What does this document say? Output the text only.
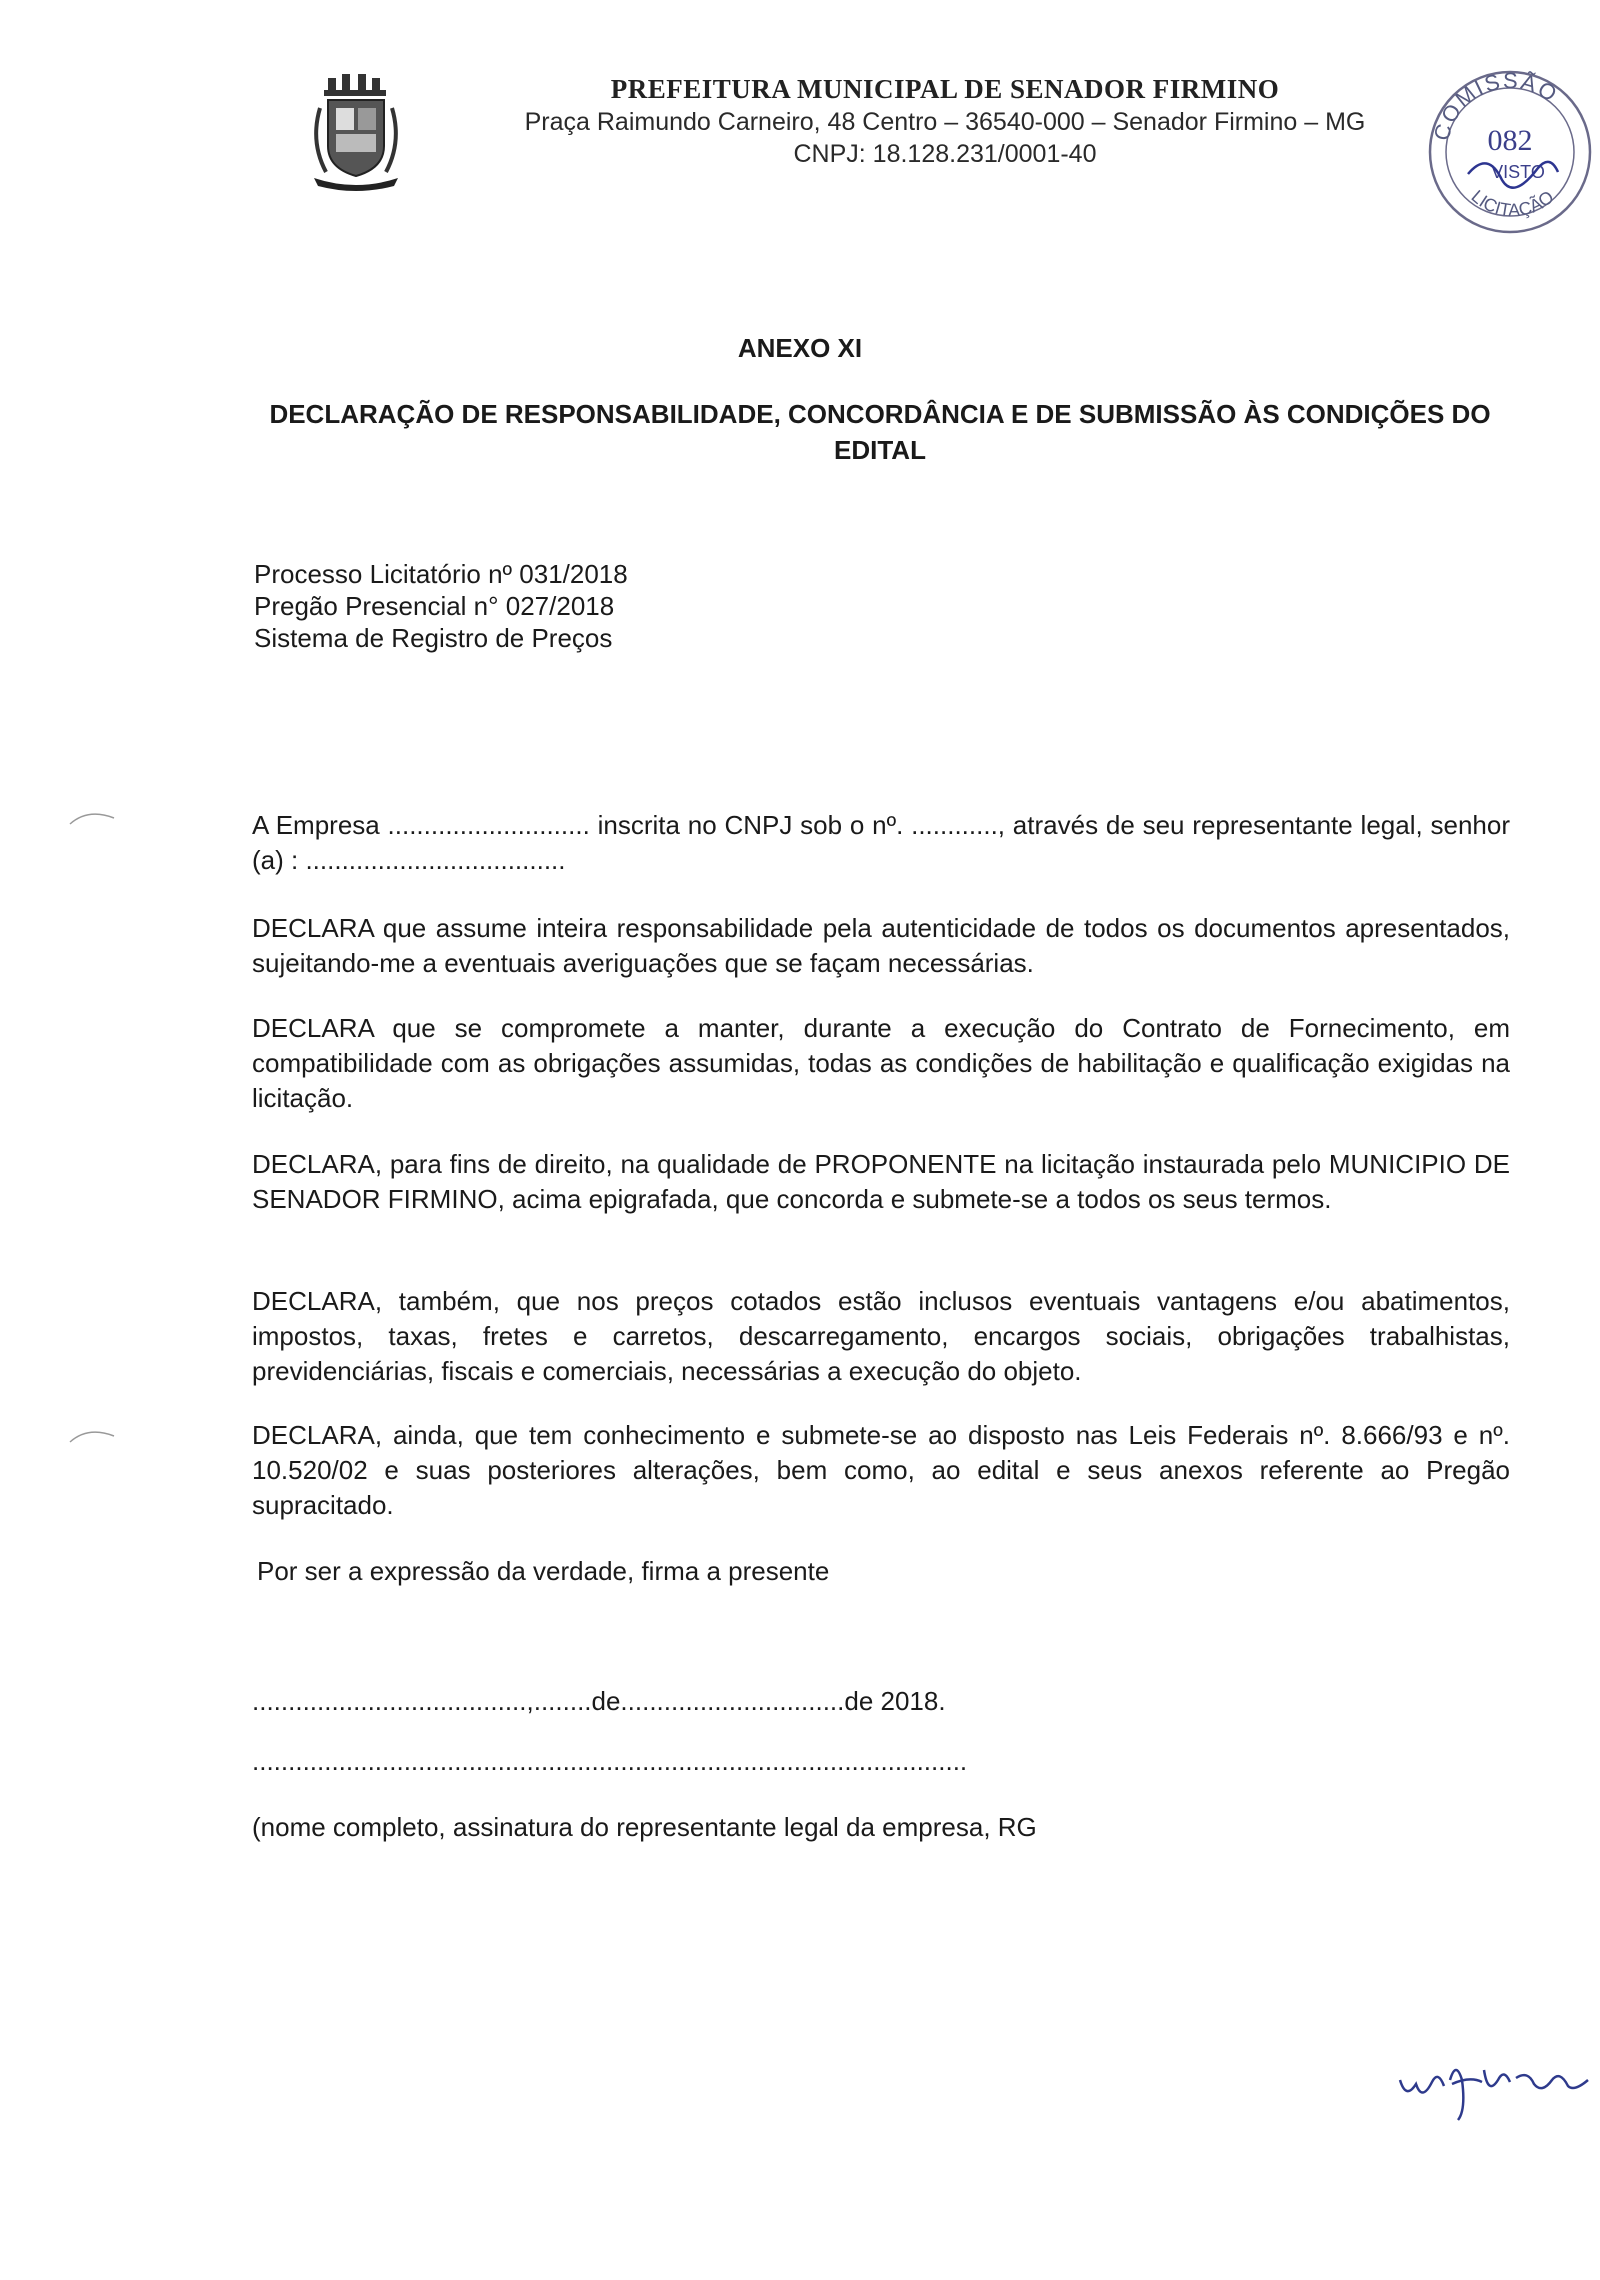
PREFEITURA MUNICIPAL DE SENADOR FIRMINO
Praça Raimundo Carneiro, 48 Centro – 36540-000 – Senador Firmino – MG
CNPJ: 18.128.231/0001-40
COMISSÃO
082
VISTO
LICITAÇÃO
ANEXO XI
DECLARAÇÃO DE RESPONSABILIDADE, CONCORDÂNCIA E DE SUBMISSÃO ÀS CONDIÇÕES DO EDITAL
Processo Licitatório nº 031/2018
Pregão Presencial n° 027/2018
Sistema de Registro de Preços
A Empresa ............................ inscrita no CNPJ sob o nº. ............, através de seu representante legal, senhor (a) : ....................................
DECLARA que assume inteira responsabilidade pela autenticidade de todos os documentos apresentados, sujeitando-me a eventuais averiguações que se façam necessárias.
DECLARA que se compromete a manter, durante a execução do Contrato de Fornecimento, em compatibilidade com as obrigações assumidas, todas as condições de habilitação e qualificação exigidas na licitação.
DECLARA, para fins de direito, na qualidade de PROPONENTE na licitação instaurada pelo MUNICIPIO DE SENADOR FIRMINO, acima epigrafada, que concorda e submete-se a todos os seus termos.
DECLARA, também, que nos preços cotados estão inclusos eventuais vantagens e/ou abatimentos, impostos, taxas, fretes e carretos, descarregamento, encargos sociais, obrigações trabalhistas, previdenciárias, fiscais e comerciais, necessárias a execução do objeto.
DECLARA, ainda, que tem conhecimento e submete-se ao disposto nas Leis Federais nº. 8.666/93 e nº. 10.520/02 e suas posteriores alterações, bem como, ao edital e seus anexos referente ao Pregão supracitado.
Por ser a expressão da verdade, firma a presente
......................................,........de...............................de 2018.
...................................................................................................
(nome completo, assinatura do representante legal da empresa, RG
